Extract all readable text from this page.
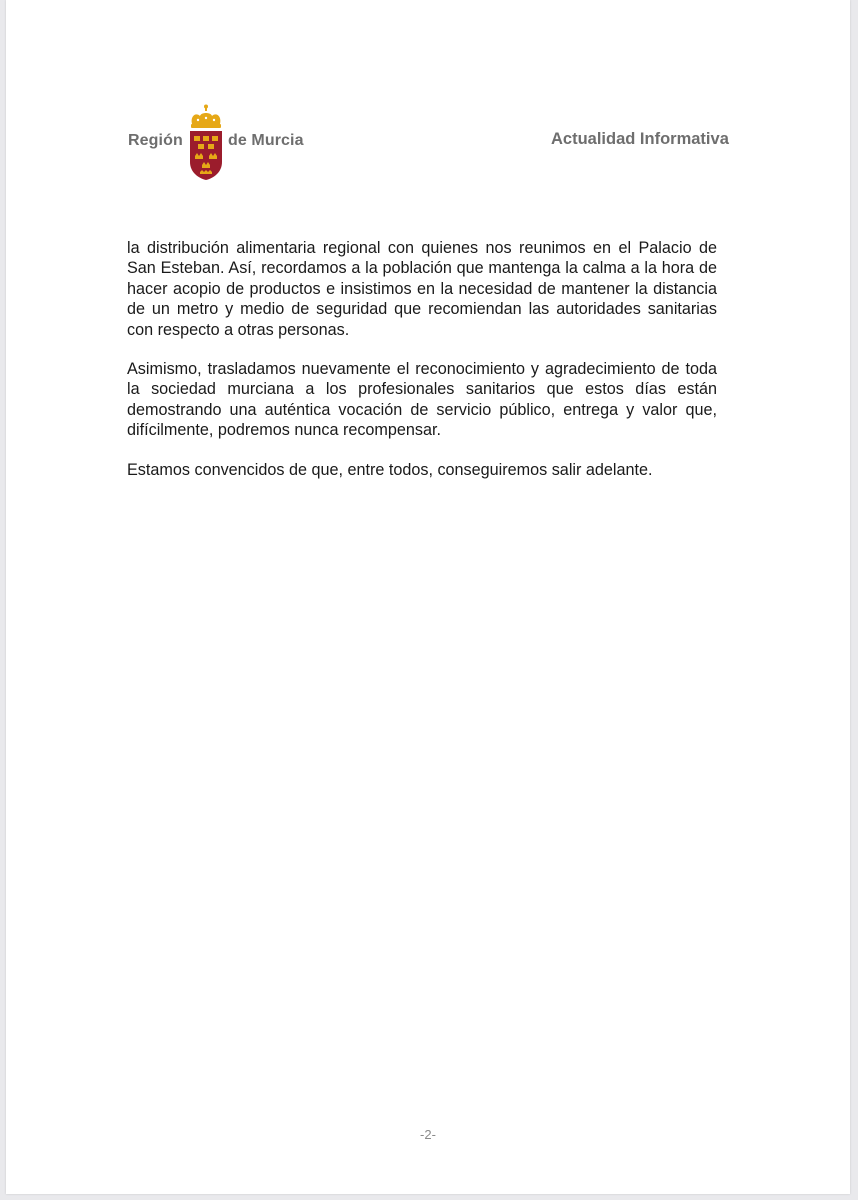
Región	de Murcia	Actualidad Informativa

la distribución alimentaria regional con quienes nos reunimos en el Palacio de San Esteban. Así, recordamos a la población que mantenga la calma a la hora de hacer acopio de productos e insistimos en la necesidad de mantener la distancia de un metro y medio de seguridad que recomiendan las autoridades sanitarias con respecto a otras personas.

Asimismo, trasladamos nuevamente el reconocimiento y agradecimiento de toda la sociedad murciana a los profesionales sanitarios que estos días están demostrando una auténtica vocación de servicio público, entrega y valor que, difícilmente, podremos nunca recompensar.

Estamos convencidos de que, entre todos, conseguiremos salir adelante.

-2-
